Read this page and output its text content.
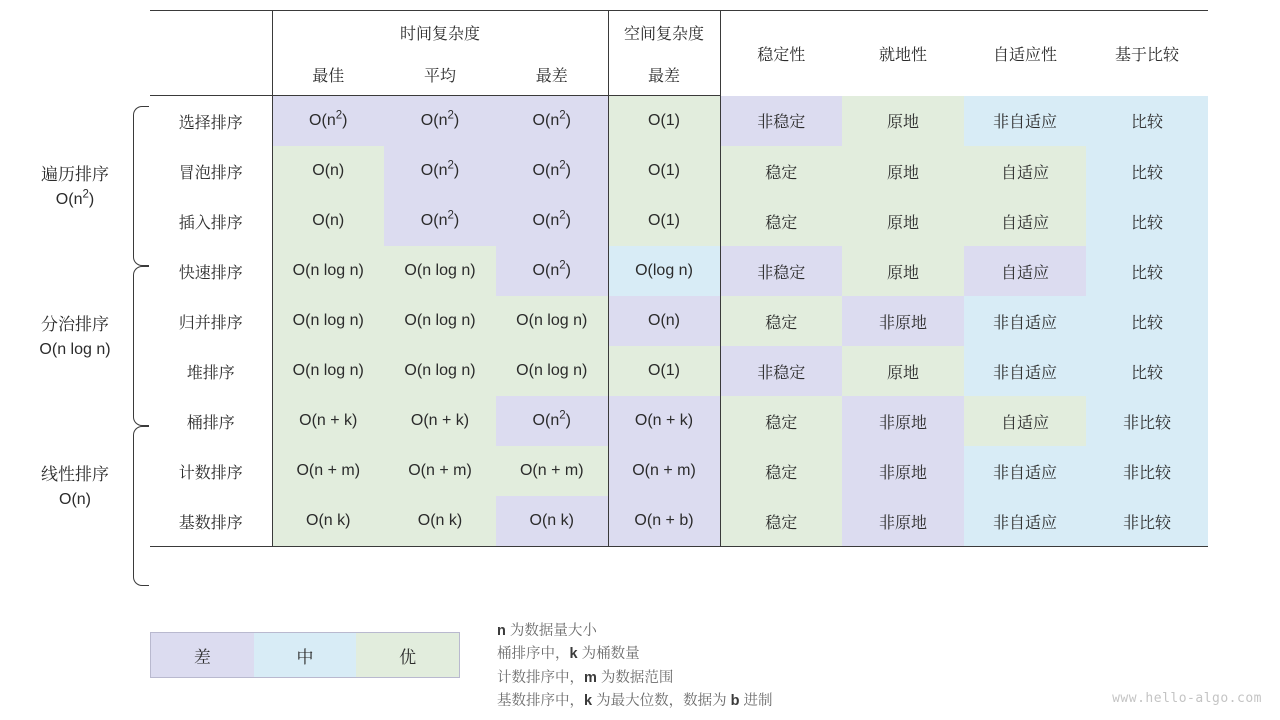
遍历排序
$O(n^2)$
分治排序
O(n log n)
线性排序
O(n)
	时间复杂度			空间复杂度	稳定性	就地性	自适应性	基于比较
	最佳	平均	最差	最差				
选择排序	$O(n^2)$	$O(n^2)$	$O(n^2)$	O(1)	非稳定	原地	非自适应	比较
冒泡排序	O(n)	$O(n^2)$	$O(n^2)$	O(1)	稳定	原地	自适应	比较
插入排序	O(n)	$O(n^2)$	$O(n^2)$	O(1)	稳定	原地	自适应	比较
快速排序	O(n log n)	O(n log n)	$O(n^2)$	O(log n)	非稳定	原地	自适应	比较
归并排序	O(n log n)	O(n log n)	O(n log n)	O(n)	稳定	非原地	非自适应	比较
堆排序	O(n log n)	O(n log n)	O(n log n)	O(1)	非稳定	原地	非自适应	比较
桶排序	O(n + k)	O(n + k)	$O(n^2)$	O(n + k)	稳定	非原地	自适应	非比较
计数排序	O(n + m)	O(n + m)	O(n + m)	O(n + m)	稳定	非原地	非自适应	非比较
基数排序	O(n k)	O(n k)	O(n k)	O(n + b)	稳定	非原地	非自适应	非比较
差	中	优
n 为数据量大小
桶排序中，k 为桶数量
计数排序中，m 为数据范围
基数排序中，k 为最大位数，数据为 b 进制	www.hello-algo.com
